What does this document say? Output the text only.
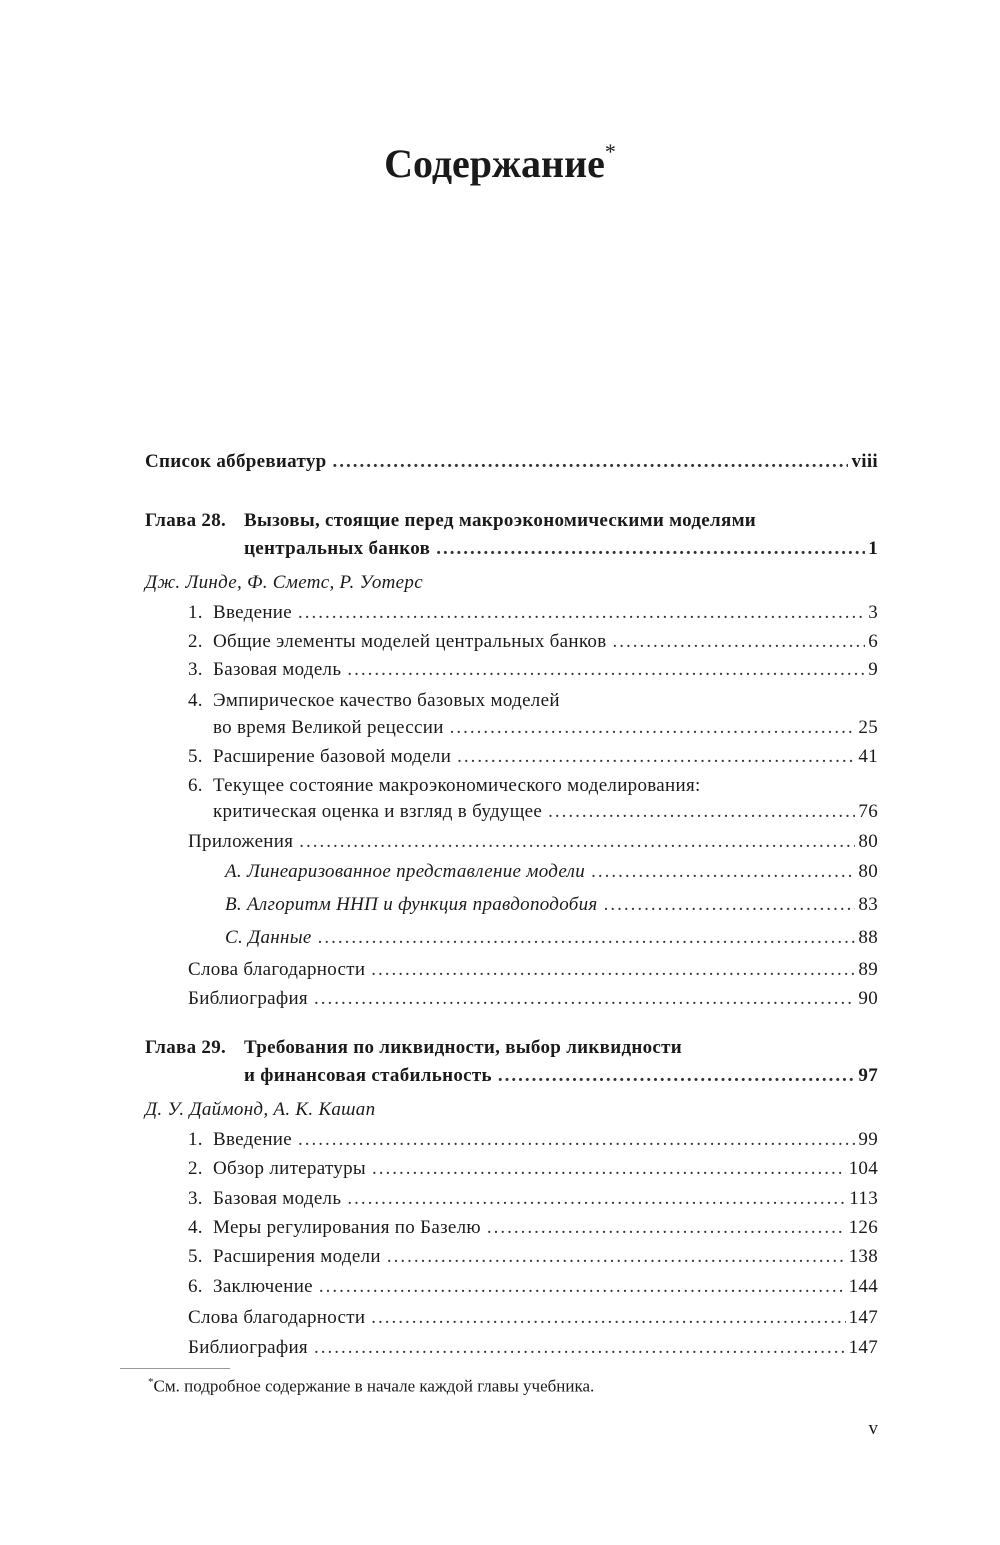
Содержание*
Список аббревиатур .....	viii
Глава 28. Вызовы, стоящие перед макроэкономическими моделями
центральных банков .....	1
Дж. Линде, Ф. Сметс, Р. Уотерс
1. Введение .....	3
2. Общие элементы моделей центральных банков .....	6
3. Базовая модель .....	9
4. Эмпирическое качество базовых моделей
во время Великой рецессии .....	25
5. Расширение базовой модели .....	41
6. Текущее состояние макроэкономического моделирования:
критическая оценка и взгляд в будущее .....	76
Приложения .....	80
A. Линеаризованное представление модели .....	80
B. Алгоритм ННП и функция правдоподобия .....	83
C. Данные .....	88
Слова благодарности .....	89
Библиография .....	90
Глава 29. Требования по ликвидности, выбор ликвидности
и финансовая стабильность .....	97
Д. У. Даймонд, А. К. Кашап
1. Введение .....	99
2. Обзор литературы .....	104
3. Базовая модель .....	113
4. Меры регулирования по Базелю .....	126
5. Расширения модели .....	138
6. Заключение .....	144
Слова благодарности .....	147
Библиография .....	147
*См. подробное содержание в начале каждой главы учебника.
v
